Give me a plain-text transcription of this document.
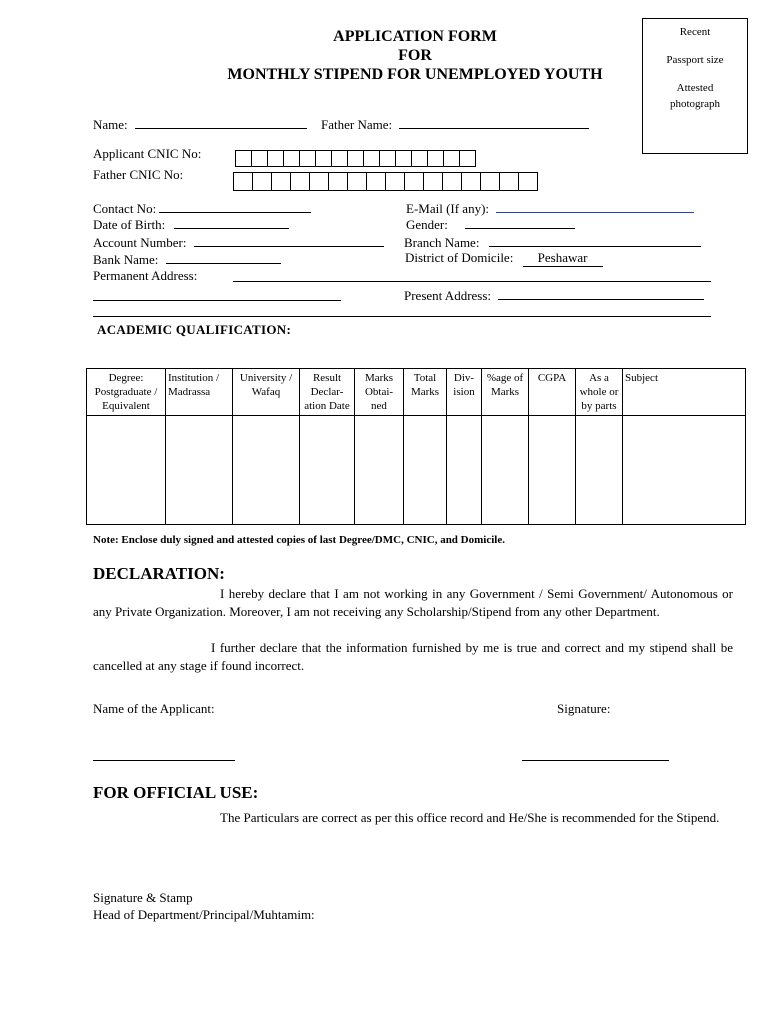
APPLICATION FORM
FOR
MONTHLY STIPEND FOR UNEMPLOYED YOUTH
Recent
Passport size
Attested
photograph
Name:	Father Name:
Applicant CNIC No:
Father CNIC No:
Contact No:	E-Mail (If any):
Date of Birth:	Gender:
Account Number:	Branch Name:
Bank Name:	District of Domicile: Peshawar
Permanent Address:
Present Address:
ACADEMIC QUALIFICATION:
Degree: Postgraduate / Equivalent	Institution / Madrassa	University / Wafaq	Result Declar- ation Date	Marks Obtai- ned	Total Marks	Div- ision	%age of Marks	CGPA	As a whole or by parts	Subject

Note: Enclose duly signed and attested copies of last Degree/DMC, CNIC, and Domicile.
DECLARATION:
I hereby declare that I am not working in any Government / Semi Government/ Autonomous or any Private Organization. Moreover, I am not receiving any Scholarship/Stipend from any other Department.
I further declare that the information furnished by me is true and correct and my stipend shall be cancelled at any stage if found incorrect.
Name of the Applicant:	Signature:
FOR OFFICIAL USE:
The Particulars are correct as per this office record and He/She is recommended for the Stipend.
Signature & Stamp
Head of Department/Principal/Muhtamim:
